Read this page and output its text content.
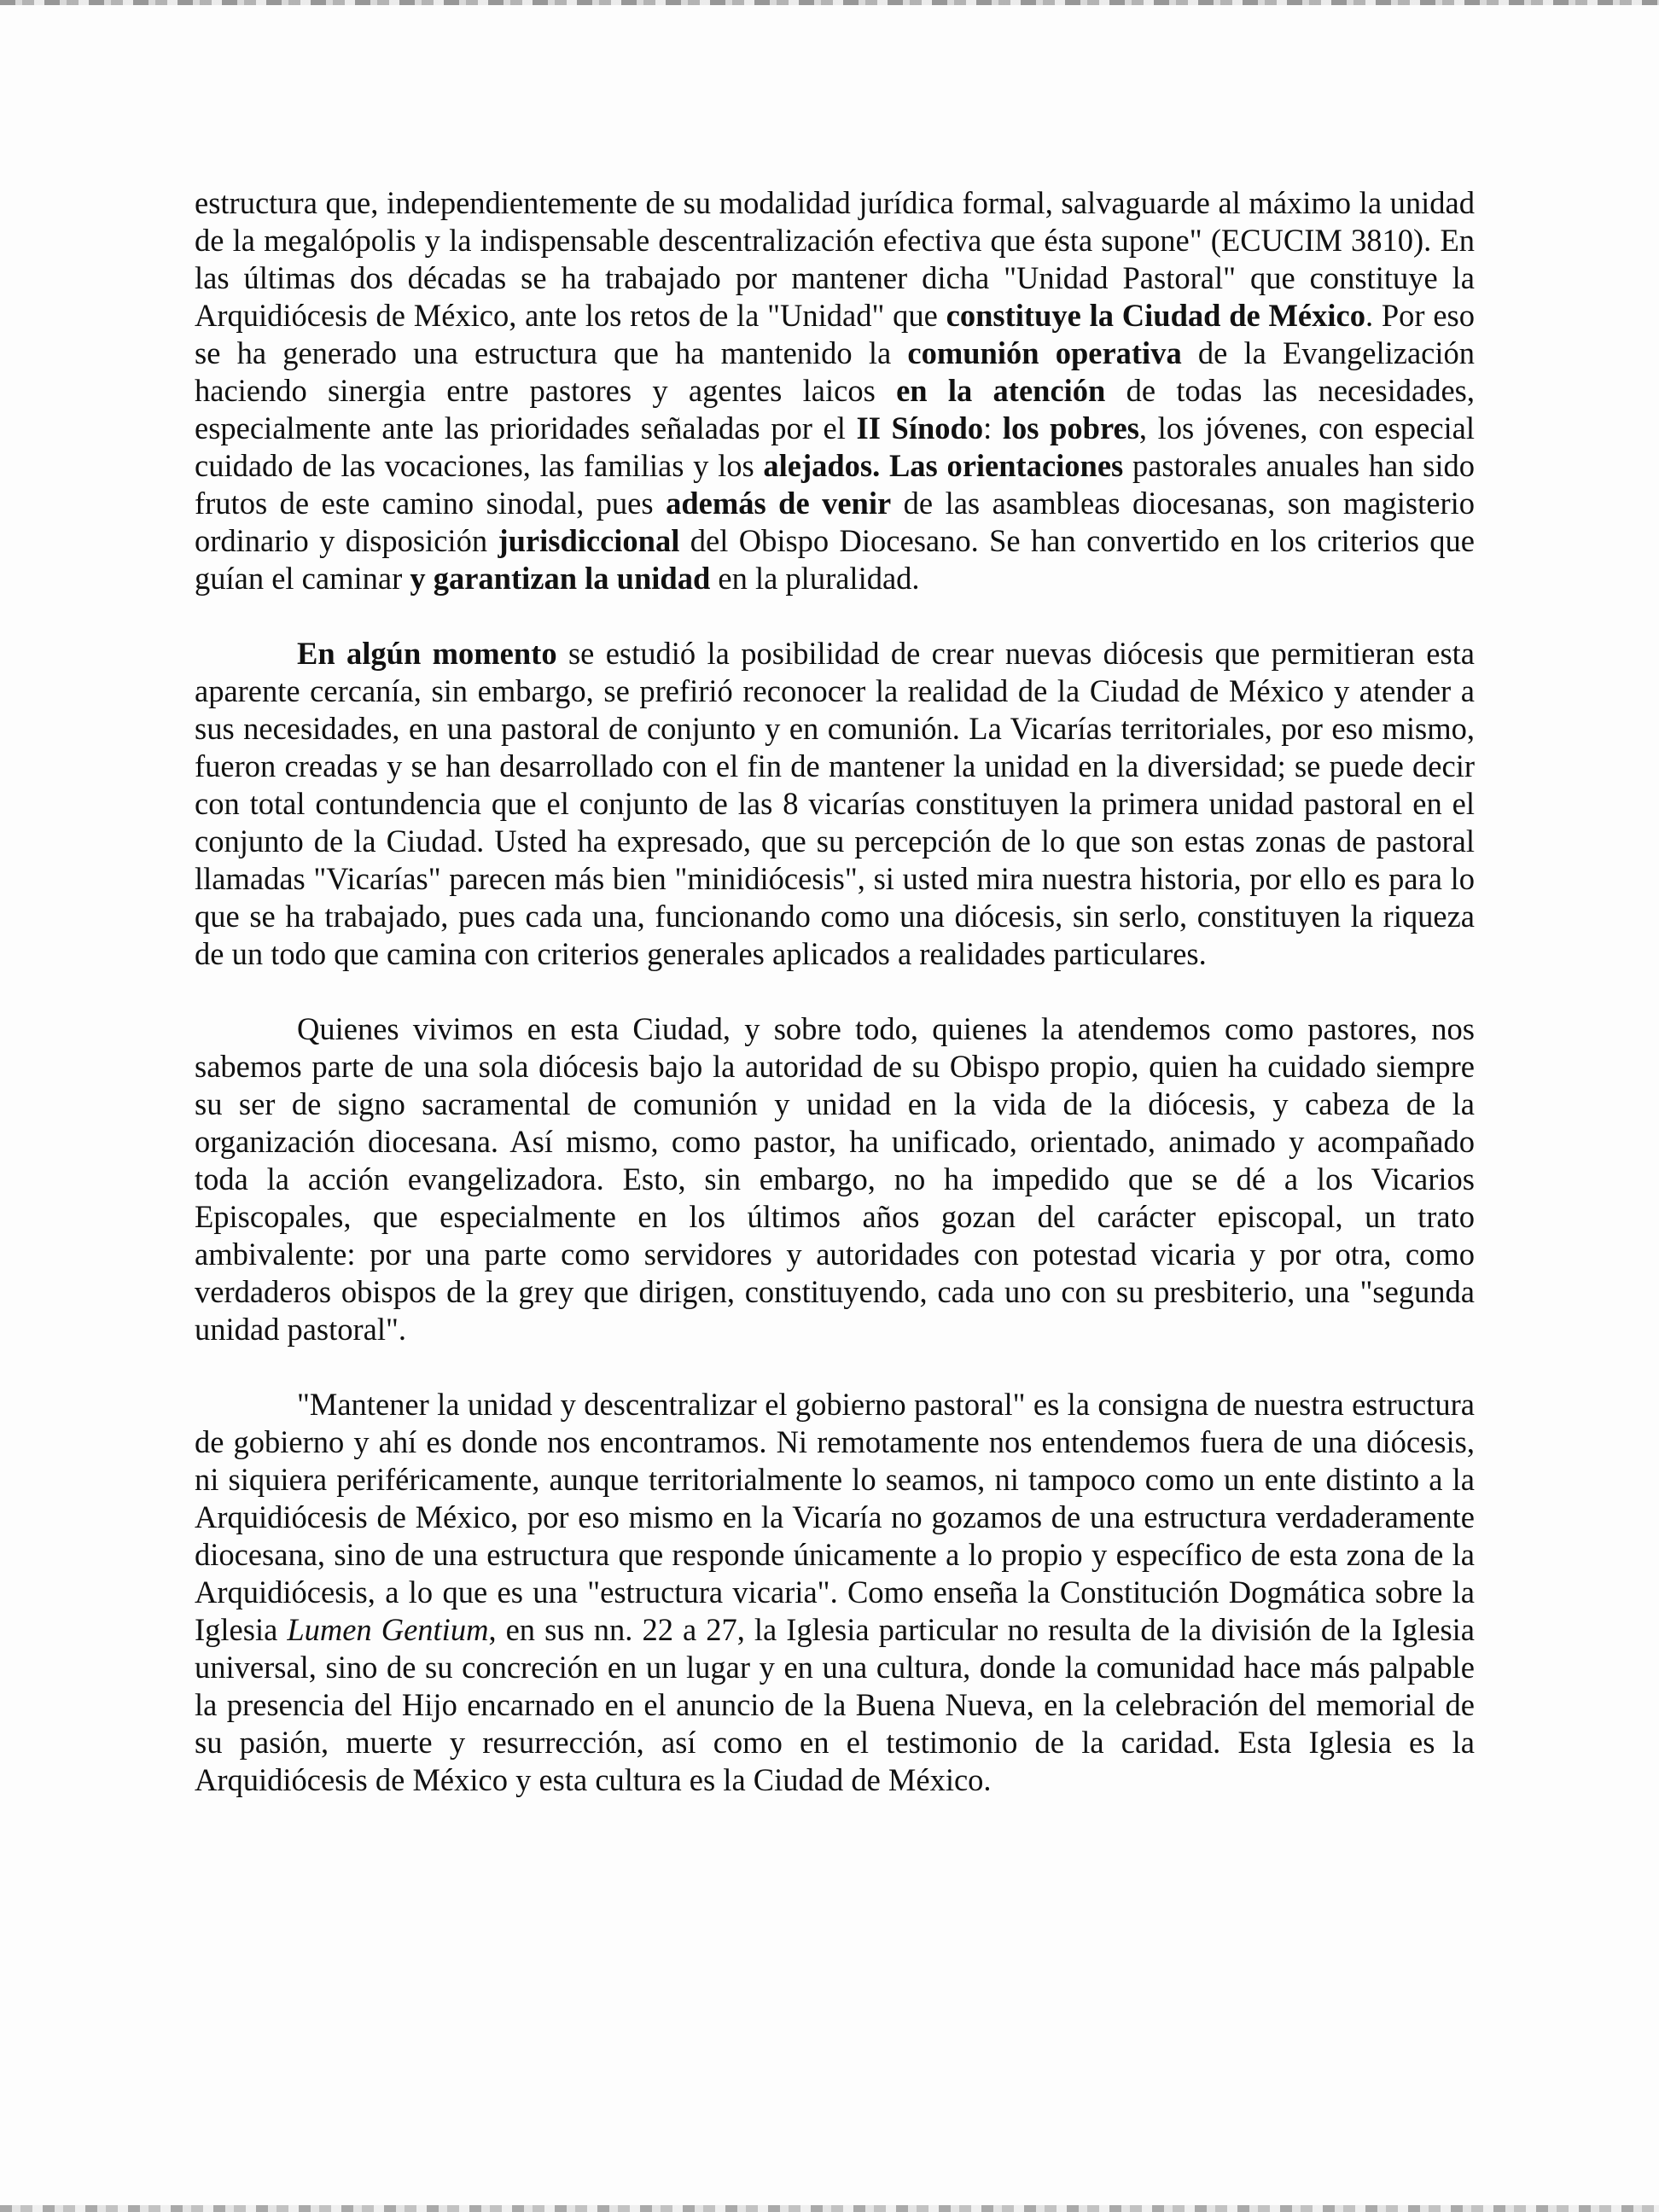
estructura que, independientemente de su modalidad jurídica formal, salvaguarde al máximo la unidad de la megalópolis y la indispensable descentralización efectiva que ésta supone" (ECUCIM 3810). En las últimas dos décadas se ha trabajado por mantener dicha "Unidad Pastoral" que constituye la Arquidiócesis de México, ante los retos de la "Unidad" que constituye la Ciudad de México. Por eso se ha generado una estructura que ha mantenido la comunión operativa de la Evangelización haciendo sinergia entre pastores y agentes laicos en la atención de todas las necesidades, especialmente ante las prioridades señaladas por el II Sínodo: los pobres, los jóvenes, con especial cuidado de las vocaciones, las familias y los alejados. Las orientaciones pastorales anuales han sido frutos de este camino sinodal, pues además de venir de las asambleas diocesanas, son magisterio ordinario y disposición jurisdiccional del Obispo Diocesano. Se han convertido en los criterios que guían el caminar y garantizan la unidad en la pluralidad.

En algún momento se estudió la posibilidad de crear nuevas diócesis que permitieran esta aparente cercanía, sin embargo, se prefirió reconocer la realidad de la Ciudad de México y atender a sus necesidades, en una pastoral de conjunto y en comunión. La Vicarías territoriales, por eso mismo, fueron creadas y se han desarrollado con el fin de mantener la unidad en la diversidad; se puede decir con total contundencia que el conjunto de las 8 vicarías constituyen la primera unidad pastoral en el conjunto de la Ciudad. Usted ha expresado, que su percepción de lo que son estas zonas de pastoral llamadas "Vicarías" parecen más bien "minidiócesis", si usted mira nuestra historia, por ello es para lo que se ha trabajado, pues cada una, funcionando como una diócesis, sin serlo, constituyen la riqueza de un todo que camina con criterios generales aplicados a realidades particulares.

Quienes vivimos en esta Ciudad, y sobre todo, quienes la atendemos como pastores, nos sabemos parte de una sola diócesis bajo la autoridad de su Obispo propio, quien ha cuidado siempre su ser de signo sacramental de comunión y unidad en la vida de la diócesis, y cabeza de la organización diocesana. Así mismo, como pastor, ha unificado, orientado, animado y acompañado toda la acción evangelizadora. Esto, sin embargo, no ha impedido que se dé a los Vicarios Episcopales, que especialmente en los últimos años gozan del carácter episcopal, un trato ambivalente: por una parte como servidores y autoridades con potestad vicaria y por otra, como verdaderos obispos de la grey que dirigen, constituyendo, cada uno con su presbiterio, una "segunda unidad pastoral".

"Mantener la unidad y descentralizar el gobierno pastoral" es la consigna de nuestra estructura de gobierno y ahí es donde nos encontramos. Ni remotamente nos entendemos fuera de una diócesis, ni siquiera periféricamente, aunque territorialmente lo seamos, ni tampoco como un ente distinto a la Arquidiócesis de México, por eso mismo en la Vicaría no gozamos de una estructura verdaderamente diocesana, sino de una estructura que responde únicamente a lo propio y específico de esta zona de la Arquidiócesis, a lo que es una "estructura vicaria". Como enseña la Constitución Dogmática sobre la Iglesia Lumen Gentium, en sus nn. 22 a 27, la Iglesia particular no resulta de la división de la Iglesia universal, sino de su concreción en un lugar y en una cultura, donde la comunidad hace más palpable la presencia del Hijo encarnado en el anuncio de la Buena Nueva, en la celebración del memorial de su pasión, muerte y resurrección, así como en el testimonio de la caridad. Esta Iglesia es la Arquidiócesis de México y esta cultura es la Ciudad de México.
